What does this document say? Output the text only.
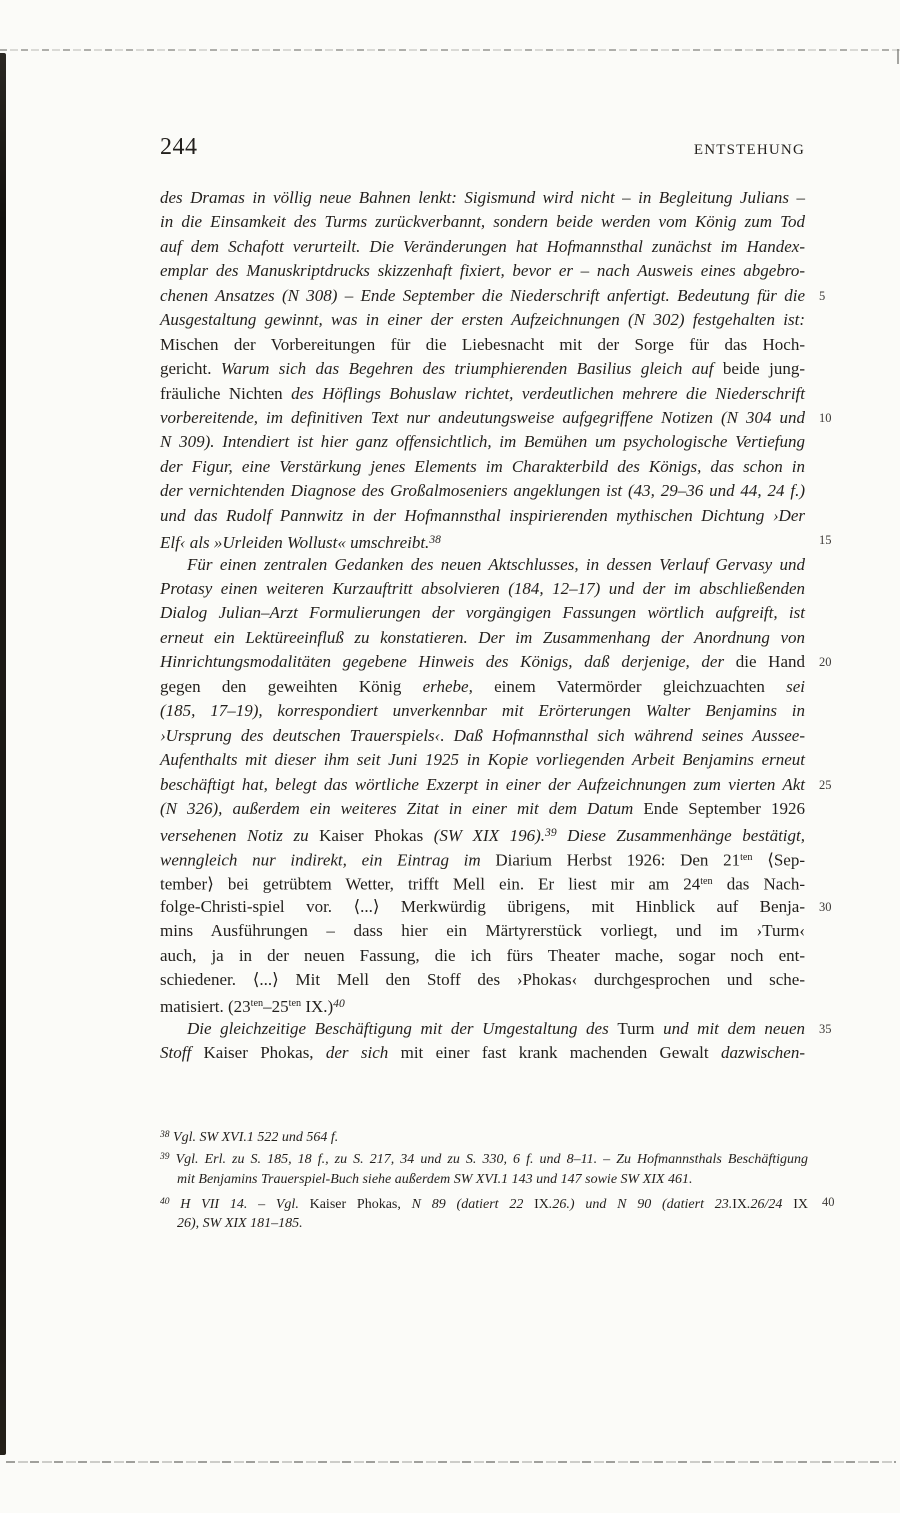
244	ENTSTEHUNG
des Dramas in völlig neue Bahnen lenkt: Sigismund wird nicht – in Begleitung Julians –
in die Einsamkeit des Turms zurückverbannt, sondern beide werden vom König zum Tod
auf dem Schafott verurteilt. Die Veränderungen hat Hofmannsthal zunächst im Handex-
emplar des Manuskriptdrucks skizzenhaft fixiert, bevor er – nach Ausweis eines abgebro-
chenen Ansatzes (N 308) – Ende September die Niederschrift anfertigt. Bedeutung für die 5
Ausgestaltung gewinnt, was in einer der ersten Aufzeichnungen (N 302) festgehalten ist:
Mischen der Vorbereitungen für die Liebesnacht mit der Sorge für das Hoch-
gericht. Warum sich das Begehren des triumphierenden Basilius gleich auf beide jung-
fräuliche Nichten des Höflings Bohuslaw richtet, verdeutlichen mehrere die Niederschrift
vorbereitende, im definitiven Text nur andeutungsweise aufgegriffene Notizen (N 304 und 10
N 309). Intendiert ist hier ganz offensichtlich, im Bemühen um psychologische Vertiefung
der Figur, eine Verstärkung jenes Elements im Charakterbild des Königs, das schon in
der vernichtenden Diagnose des Großalmoseniers angeklungen ist (43, 29–36 und 44, 24 f.)
und das Rudolf Pannwitz in der Hofmannsthal inspirierenden mythischen Dichtung ›Der
Elf‹ als »Urleiden Wollust« umschreibt.$^{38}$	15
Für einen zentralen Gedanken des neuen Aktschlusses, in dessen Verlauf Gervasy und
Protasy einen weiteren Kurzauftritt absolvieren (184, 12–17) und der im abschließenden
Dialog Julian–Arzt Formulierungen der vorgängigen Fassungen wörtlich aufgreift, ist
erneut ein Lektüreeinfluß zu konstatieren. Der im Zusammenhang der Anordnung von
Hinrichtungsmodalitäten gegebene Hinweis des Königs, daß derjenige, der die Hand 20
gegen den geweihten König erhebe, einem Vatermörder gleichzuachten sei
(185, 17–19), korrespondiert unverkennbar mit Erörterungen Walter Benjamins in
›Ursprung des deutschen Trauerspiels‹. Daß Hofmannsthal sich während seines Aussee-
Aufenthalts mit dieser ihm seit Juni 1925 in Kopie vorliegenden Arbeit Benjamins erneut
beschäftigt hat, belegt das wörtliche Exzerpt in einer der Aufzeichnungen zum vierten Akt 25
(N 326), außerdem ein weiteres Zitat in einer mit dem Datum Ende September 1926
versehenen Notiz zu Kaiser Phokas (SW XIX 196).$^{39}$ Diese Zusammenhänge bestätigt,
wenngleich nur indirekt, ein Eintrag im Diarium Herbst 1926: Den $21^{ten}$ ⟨Sep-
tember⟩ bei getrübtem Wetter, trifft Mell ein. Er liest mir am $24^{ten}$ das Nach-
folge-Christi-spiel vor. ⟨...⟩ Merkwürdig übrigens, mit Hinblick auf Benja- 30
mins Ausführungen – dass hier ein Märtyrerstück vorliegt, und im ›Turm‹
auch, ja in der neuen Fassung, die ich fürs Theater mache, sogar noch ent-
schiedener. ⟨...⟩ Mit Mell den Stoff des ›Phokas‹ durchgesprochen und sche-
matisiert. ($23^{ten}-25^{ten}$ IX.)$^{40}$
Die gleichzeitige Beschäftigung mit der Umgestaltung des Turm und mit dem neuen 35
Stoff Kaiser Phokas, der sich mit einer fast krank machenden Gewalt dazwischen-
$^{38}$ Vgl. SW XVI.1 522 und 564 f.
$^{39}$ Vgl. Erl. zu S. 185, 18 f., zu S. 217, 34 und zu S. 330, 6 f. und 8–11. – Zu Hofmannsthals Beschäftigung
mit Benjamins Trauerspiel-Buch siehe außerdem SW XVI.1 143 und 147 sowie SW XIX 461.
$^{40}$ H VII 14. – Vgl. Kaiser Phokas, N 89 (datiert 22 IX.26.) und N 90 (datiert 23.IX.26/24 IX 40
26), SW XIX 181–185.
